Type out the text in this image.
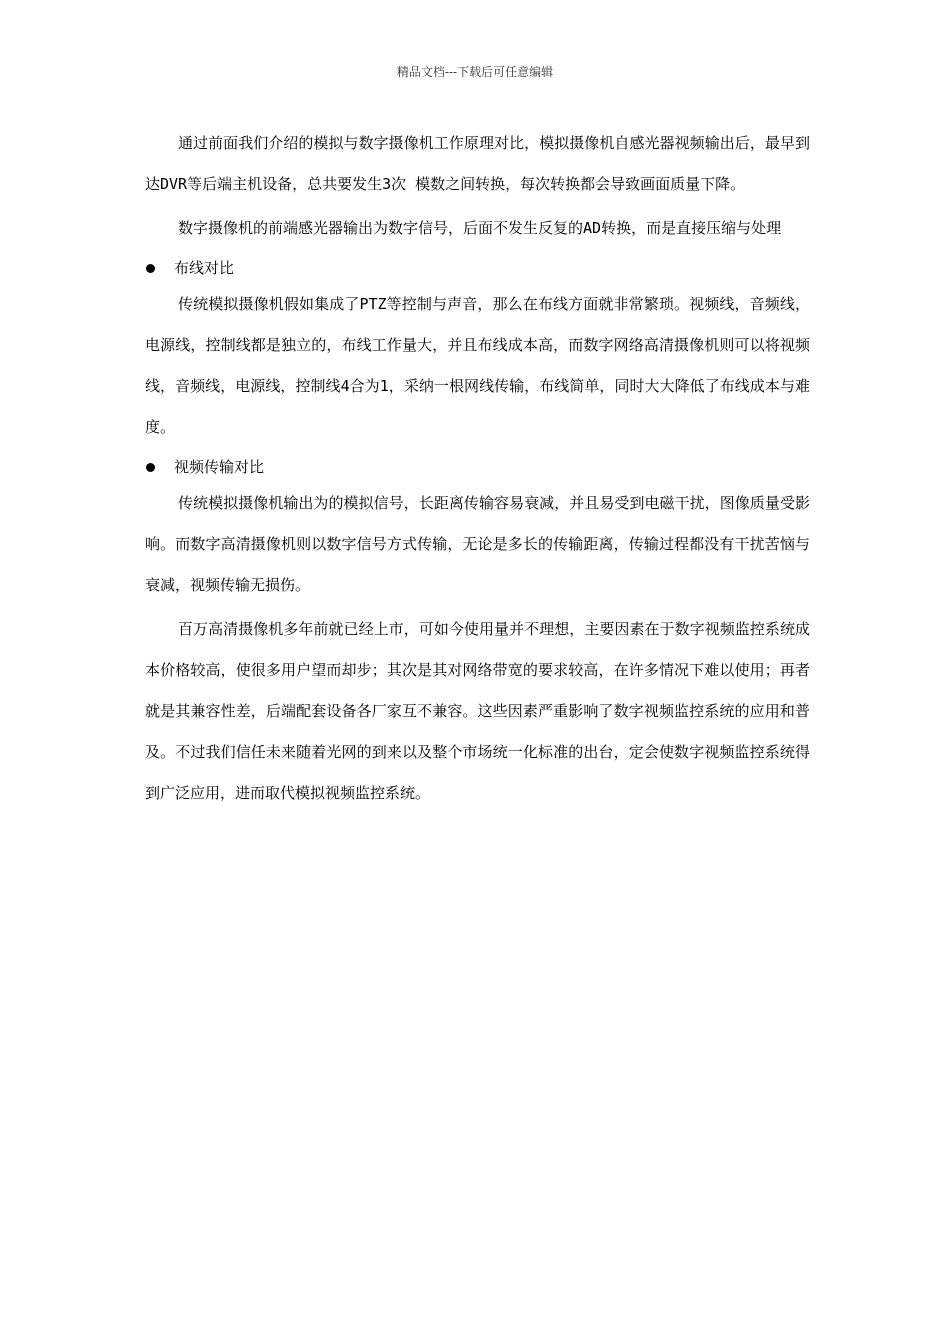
精品文档---下载后可任意编辑

通过前面我们介绍的模拟与数字摄像机工作原理对比，模拟摄像机自感光器视频输出后，最早到达DVR等后端主机设备，总共要发生3次 模数之间转换，每次转换都会导致画面质量下降。

数字摄像机的前端感光器输出为数字信号，后面不发生反复的AD转换，而是直接压缩与处理

布线对比

传统模拟摄像机假如集成了PTZ等控制与声音，那么在布线方面就非常繁琐。视频线，音频线，电源线，控制线都是独立的，布线工作量大，并且布线成本高，而数字网络高清摄像机则可以将视频线，音频线，电源线，控制线4合为1，采纳一根网线传输，布线简单，同时大大降低了布线成本与难度。

视频传输对比

传统模拟摄像机输出为的模拟信号，长距离传输容易衰减，并且易受到电磁干扰，图像质量受影响。而数字高清摄像机则以数字信号方式传输，无论是多长的传输距离，传输过程都没有干扰苦恼与衰减，视频传输无损伤。

百万高清摄像机多年前就已经上市，可如今使用量并不理想，主要因素在于数字视频监控系统成本价格较高，使很多用户望而却步；其次是其对网络带宽的要求较高，在许多情况下难以使用；再者就是其兼容性差，后端配套设备各厂家互不兼容。这些因素严重影响了数字视频监控系统的应用和普及。不过我们信任未来随着光网的到来以及整个市场统一化标准的出台，定会使数字视频监控系统得到广泛应用，进而取代模拟视频监控系统。
